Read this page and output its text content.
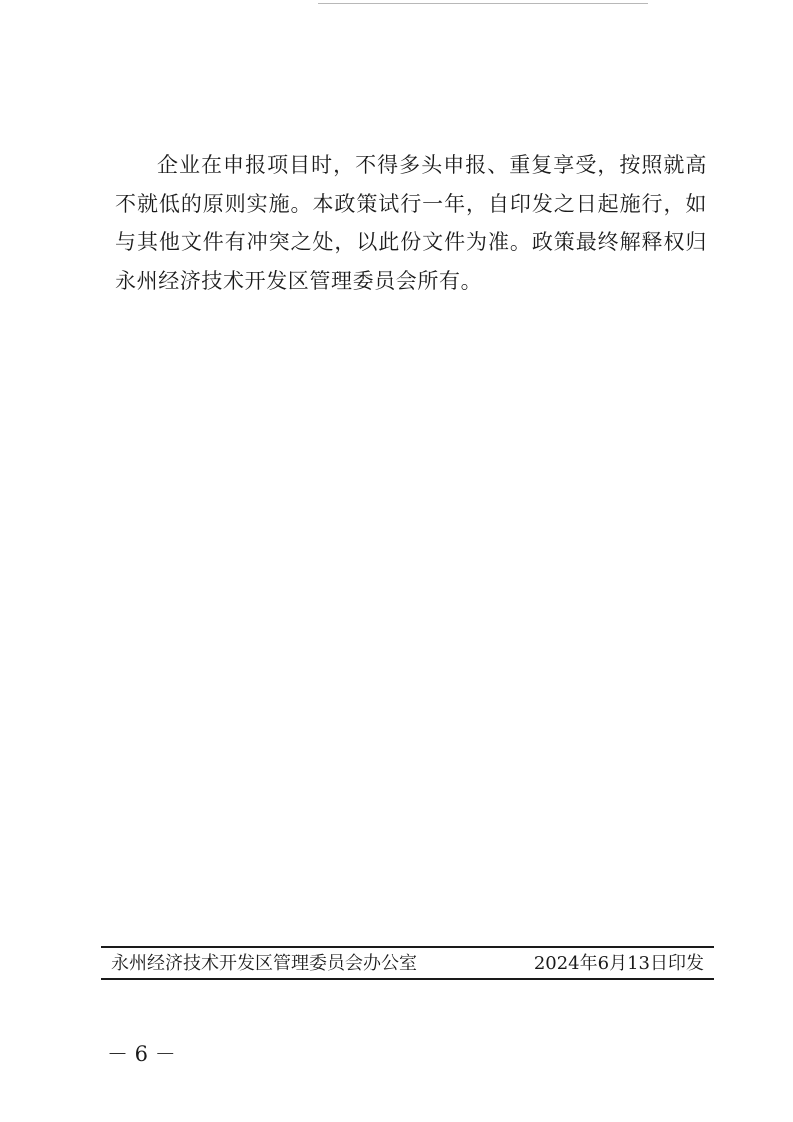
企业在申报项目时，不得多头申报、重复享受，按照就高不就低的原则实施。本政策试行一年，自印发之日起施行，如与其他文件有冲突之处，以此份文件为准。政策最终解释权归永州经济技术开发区管理委员会所有。

永州经济技术开发区管理委员会办公室	2024年6月13日印发
－ 6 －
